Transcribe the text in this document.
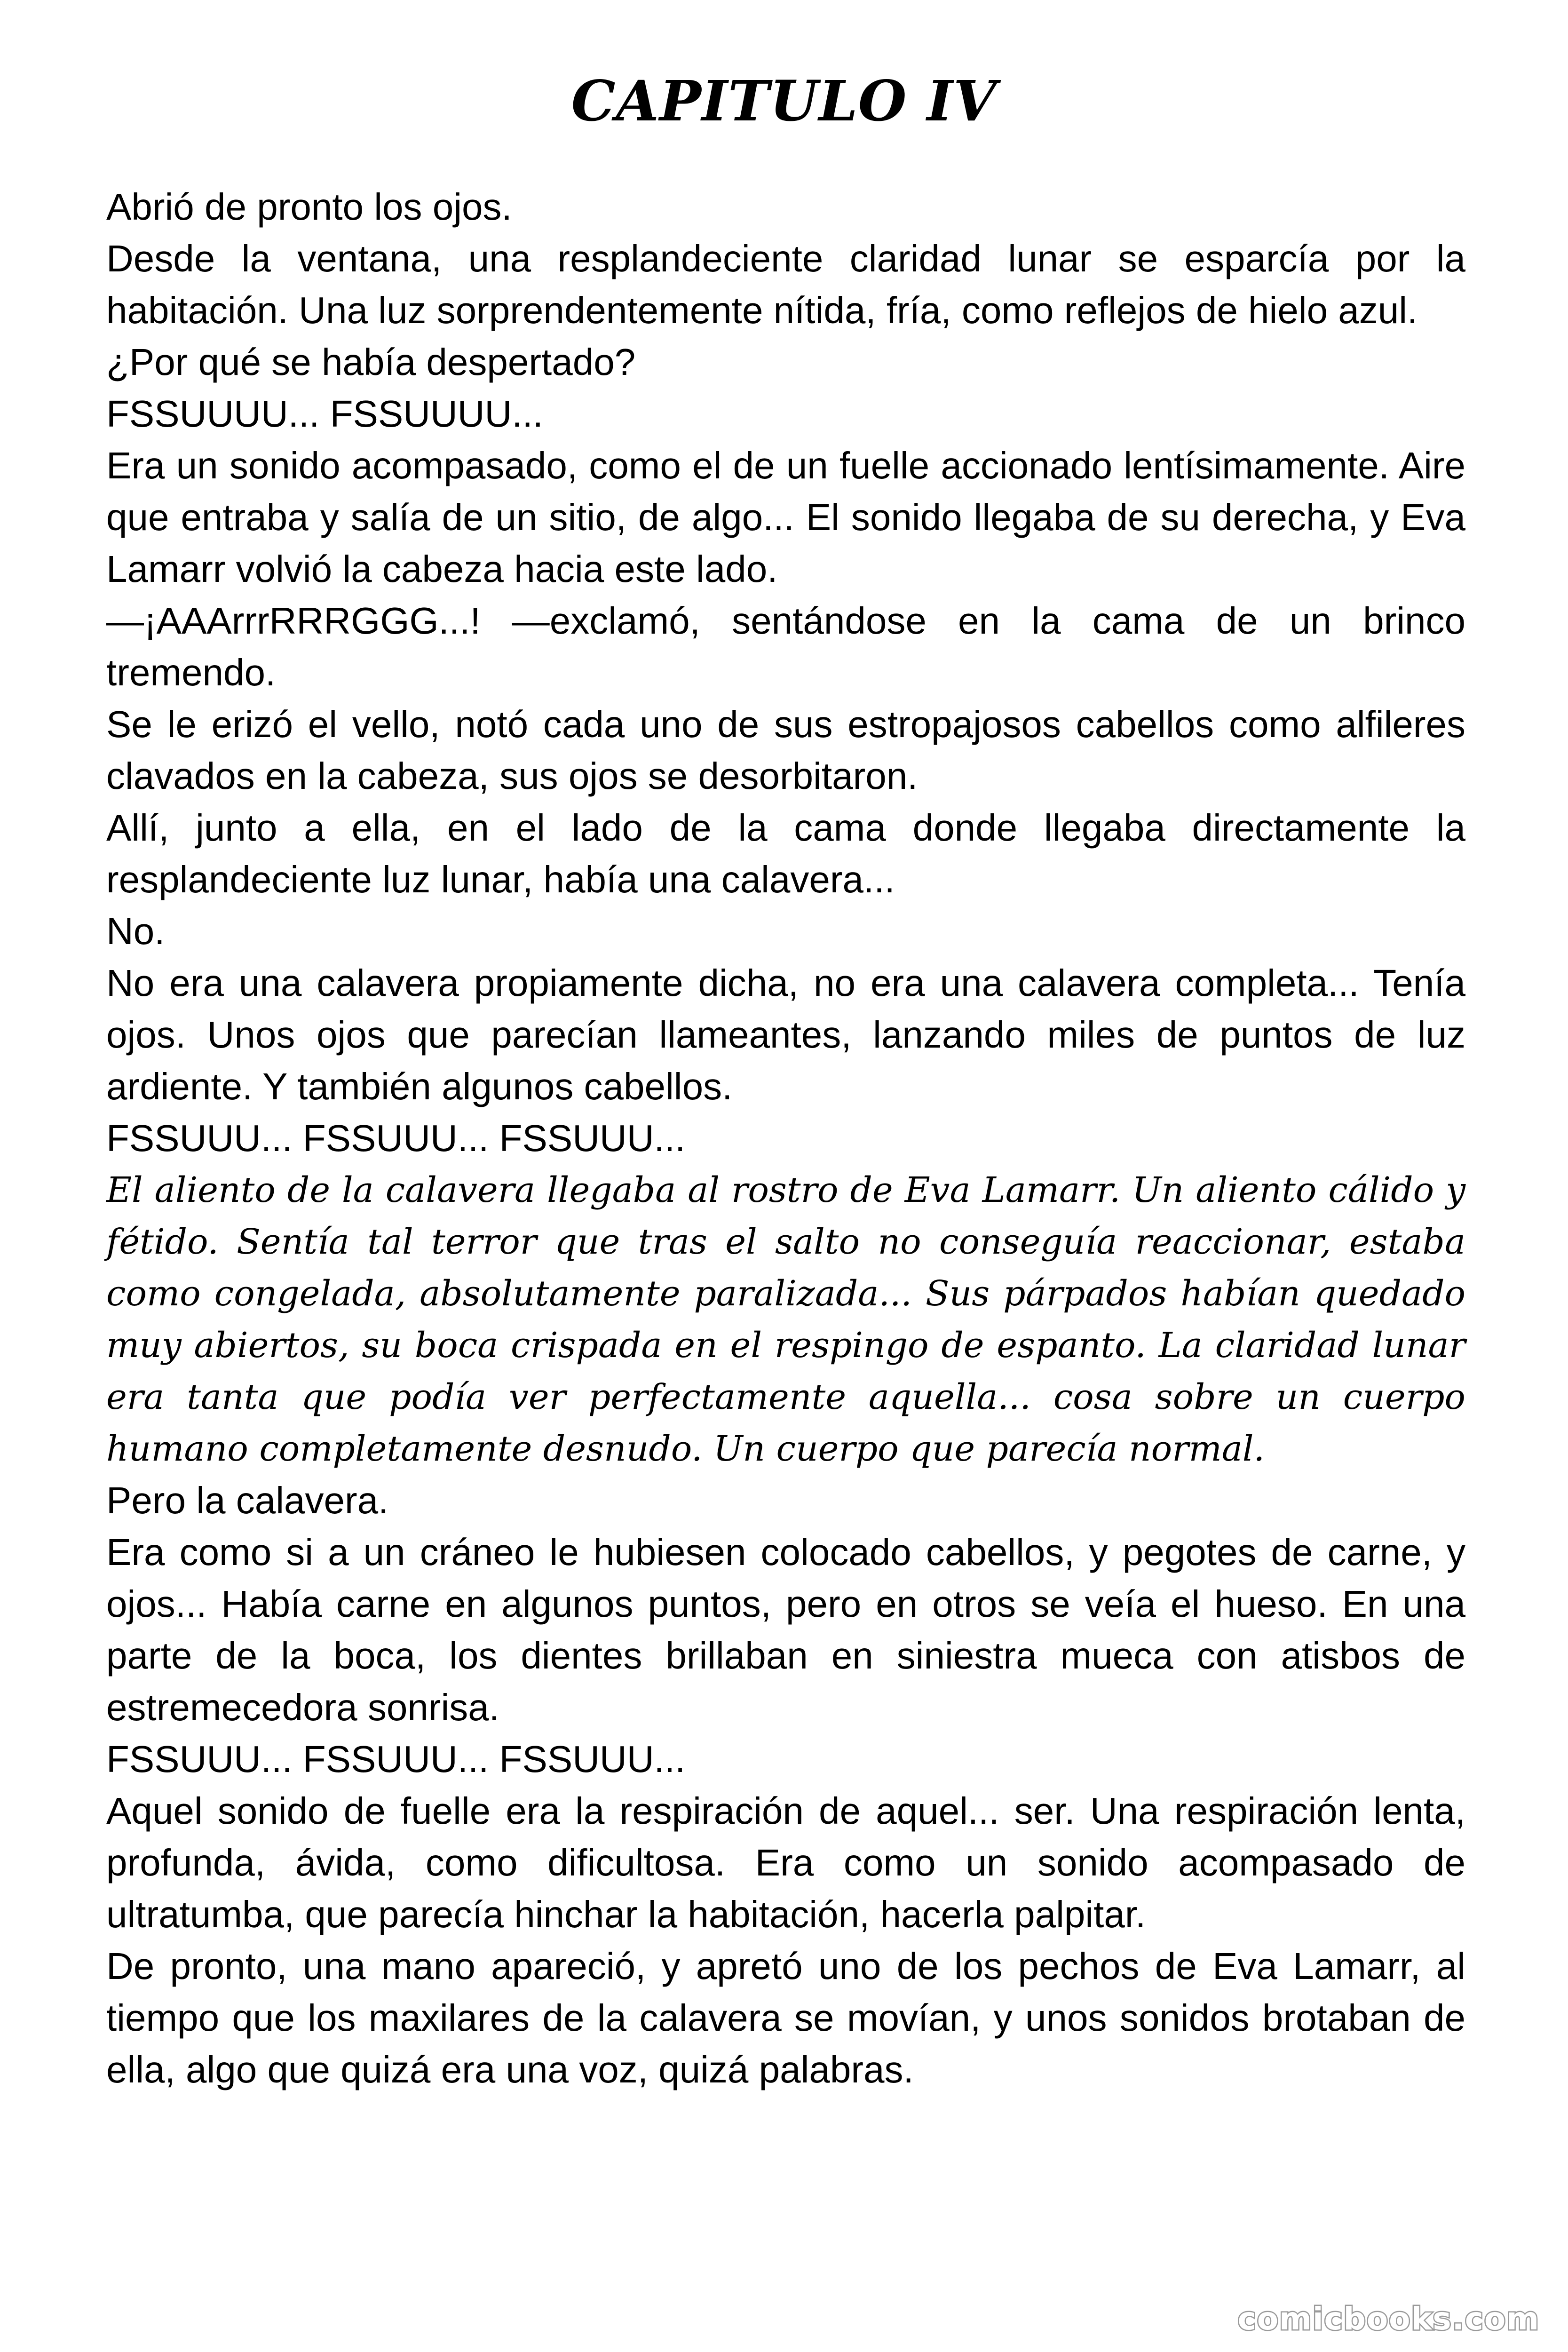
CAPITULO IV

Abrió de pronto los ojos.

Desde la ventana, una resplandeciente claridad lunar se esparcía por la habitación. Una luz sorprendentemente nítida, fría, como reflejos de hielo azul.

¿Por qué se había despertado?

FSSUUUU... FSSUUUU...

Era un sonido acompasado, como el de un fuelle accionado lentísimamente. Aire que entraba y salía de un sitio, de algo... El sonido llegaba de su derecha, y Eva Lamarr volvió la cabeza hacia este lado.

—¡AAArrrRRRGGG...! —exclamó, sentándose en la cama de un brinco tremendo.

Se le erizó el vello, notó cada uno de sus estropajosos cabellos como alfileres clavados en la cabeza, sus ojos se desorbitaron.

Allí, junto a ella, en el lado de la cama donde llegaba directamente la resplandeciente luz lunar, había una calavera...

No.

No era una calavera propiamente dicha, no era una calavera completa... Tenía ojos. Unos ojos que parecían llameantes, lanzando miles de puntos de luz ardiente. Y también algunos cabellos.

FSSUUU... FSSUUU... FSSUUU...

El aliento de la calavera llegaba al rostro de Eva Lamarr. Un aliento cálido y fétido. Sentía tal terror que tras el salto no conseguía reaccionar, estaba como congelada, absolutamente paralizada... Sus párpados habían quedado muy abiertos, su boca crispada en el respingo de espanto. La claridad lunar era tanta que podía ver perfectamente aquella... cosa sobre un cuerpo humano completamente desnudo. Un cuerpo que parecía normal.

Pero la calavera.

Era como si a un cráneo le hubiesen colocado cabellos, y pegotes de carne, y ojos... Había carne en algunos puntos, pero en otros se veía el hueso. En una parte de la boca, los dientes brillaban en siniestra mueca con atisbos de estremecedora sonrisa.

FSSUUU... FSSUUU... FSSUUU...

Aquel sonido de fuelle era la respiración de aquel... ser. Una respiración lenta, profunda, ávida, como dificultosa. Era como un sonido acompasado de ultratumba, que parecía hinchar la habitación, hacerla palpitar.

De pronto, una mano apareció, y apretó uno de los pechos de Eva Lamarr, al tiempo que los maxilares de la calavera se movían, y unos sonidos brotaban de ella, algo que quizá era una voz, quizá palabras.

comicbooks.com
